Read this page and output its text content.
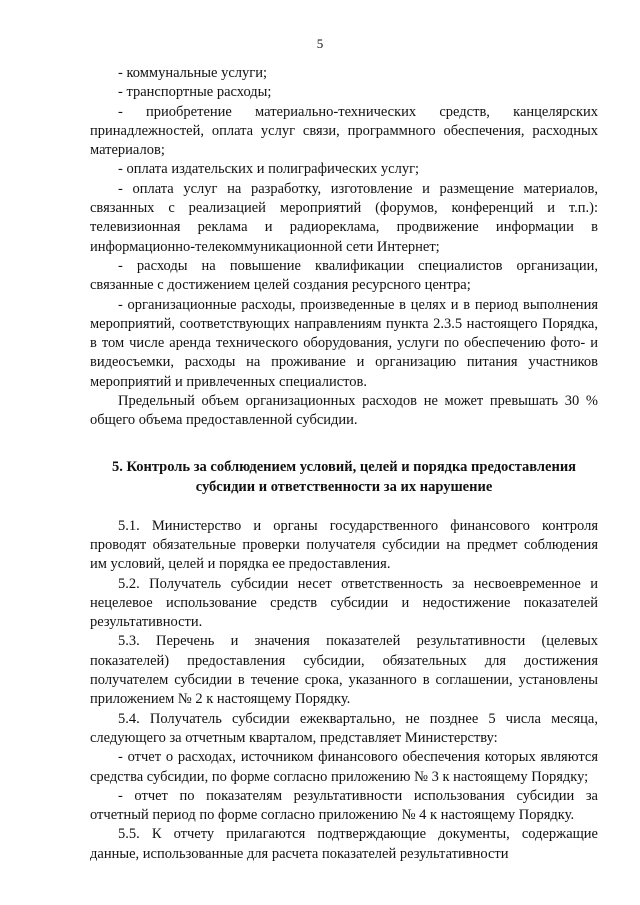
5

- коммунальные услуги;

- транспортные расходы;

- приобретение материально-технических средств, канцелярских принадлежностей, оплата услуг связи, программного обеспечения, расходных материалов;

- оплата издательских и полиграфических услуг;

- оплата услуг на разработку, изготовление и размещение материалов, связанных с реализацией мероприятий (форумов, конференций и т.п.): телевизионная реклама и радиореклама, продвижение информации в информационно-телекоммуникационной сети Интернет;

- расходы на повышение квалификации специалистов организации, связанные с достижением целей создания ресурсного центра;

- организационные расходы, произведенные в целях и в период выполнения мероприятий, соответствующих направлениям пункта 2.3.5 настоящего Порядка, в том числе аренда технического оборудования, услуги по обеспечению фото- и видеосъемки, расходы на проживание и организацию питания участников мероприятий и привлеченных специалистов.

Предельный объем организационных расходов не может превышать 30 % общего объема предоставленной субсидии.

5. Контроль за соблюдением условий, целей и порядка предоставления субсидии и ответственности за их нарушение

5.1. Министерство и органы государственного финансового контроля проводят обязательные проверки получателя субсидии на предмет соблюдения им условий, целей и порядка ее предоставления.

5.2. Получатель субсидии несет ответственность за несвоевременное и нецелевое использование средств субсидии и недостижение показателей результативности.

5.3. Перечень и значения показателей результативности (целевых показателей) предоставления субсидии, обязательных для достижения получателем субсидии в течение срока, указанного в соглашении, установлены приложением № 2 к настоящему Порядку.

5.4. Получатель субсидии ежеквартально, не позднее 5 числа месяца, следующего за отчетным кварталом, представляет Министерству:

- отчет о расходах, источником финансового обеспечения которых являются средства субсидии, по форме согласно приложению № 3 к настоящему Порядку;

- отчет по показателям результативности использования субсидии за отчетный период по форме согласно приложению № 4 к настоящему Порядку.

5.5. К отчету прилагаются подтверждающие документы, содержащие данные, использованные для расчета показателей результативности
